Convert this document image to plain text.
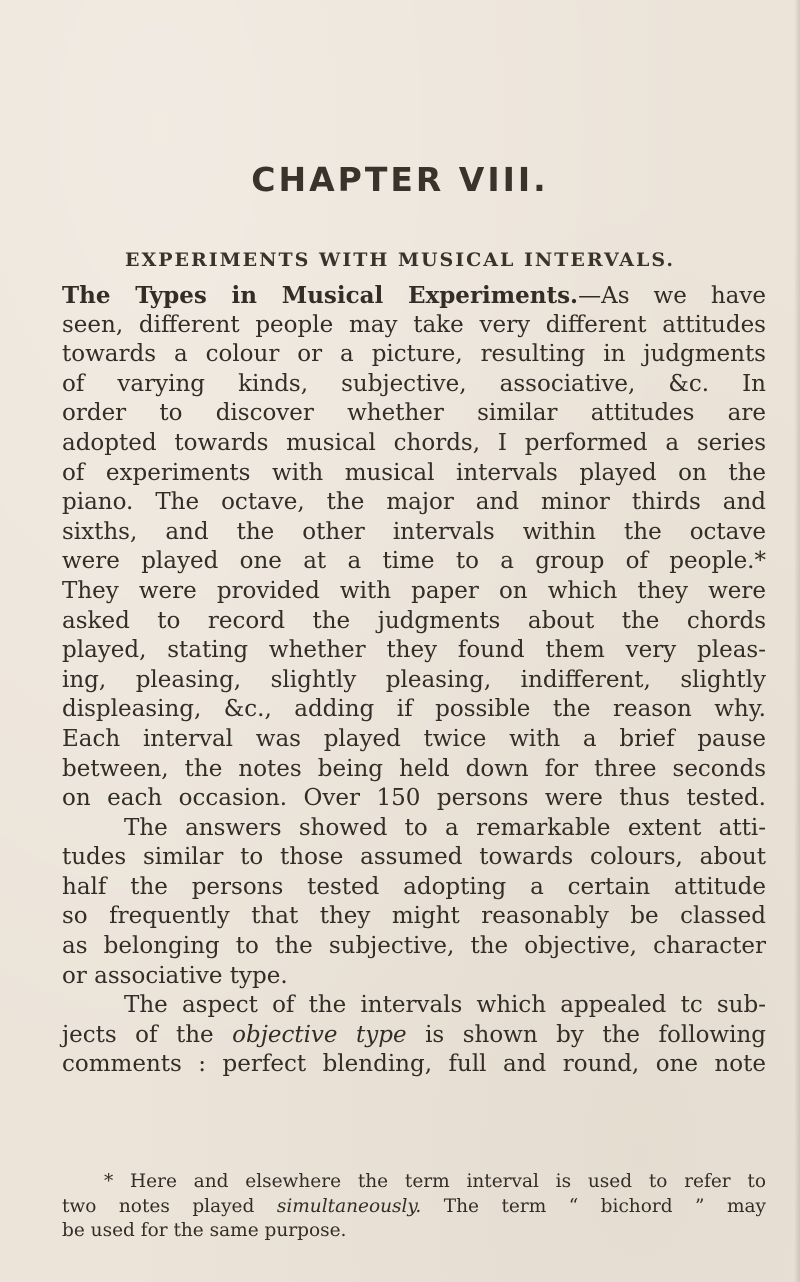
CHAPTER VIII.
EXPERIMENTS WITH MUSICAL INTERVALS.
The Types in Musical Experiments.—As we have
seen, different people may take very different attitudes
towards a colour or a picture, resulting in judgments
of varying kinds, subjective, associative, &c. In
order to discover whether similar attitudes are
adopted towards musical chords, I performed a series
of experiments with musical intervals played on the
piano. The octave, the major and minor thirds and
sixths, and the other intervals within the octave
were played one at a time to a group of people.*
They were provided with paper on which they were
asked to record the judgments about the chords
played, stating whether they found them very pleas-
ing, pleasing, slightly pleasing, indifferent, slightly
displeasing, &c., adding if possible the reason why.
Each interval was played twice with a brief pause
between, the notes being held down for three seconds
on each occasion. Over 150 persons were thus tested.
The answers showed to a remarkable extent atti-
tudes similar to those assumed towards colours, about
half the persons tested adopting a certain attitude
so frequently that they might reasonably be classed
as belonging to the subjective, the objective, character
or associative type.
The aspect of the intervals which appealed tc sub-
jects of the objective type is shown by the following
comments : perfect blending, full and round, one note
* Here and elsewhere the term interval is used to refer to
two notes played simultaneously. The term “ bichord ” may
be used for the same purpose.
